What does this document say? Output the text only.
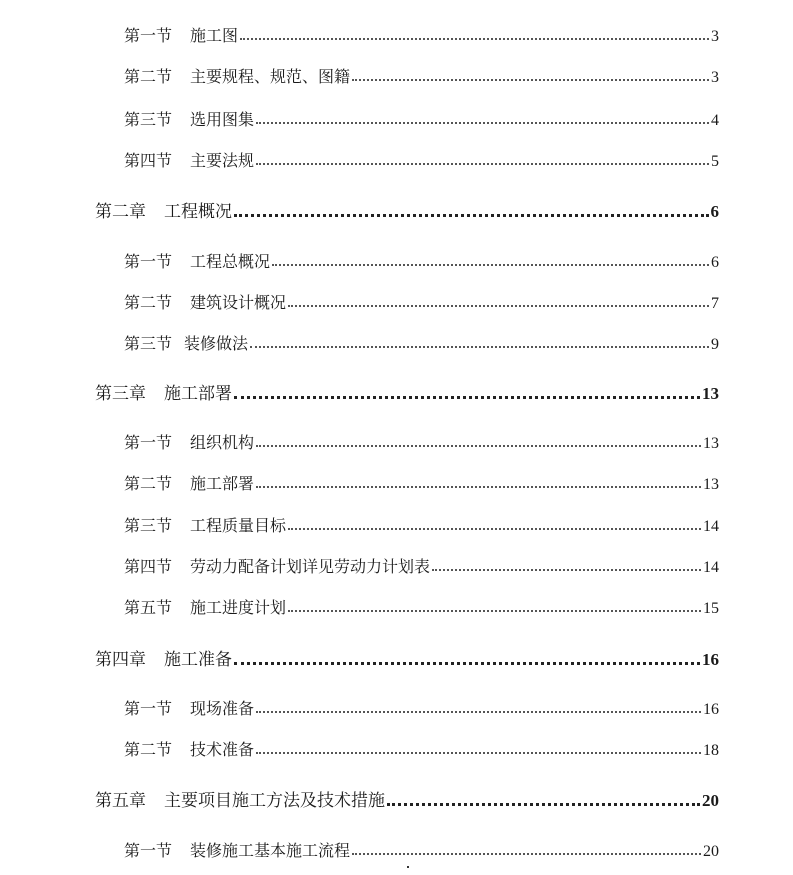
第一节 施工图	3
第二节 主要规程、规范、图籍	3
第三节 选用图集	4
第四节 主要法规	5
第二章 工程概况	6
第一节 工程总概况	6
第二节 建筑设计概况	7
第三节 装修做法	9
第三章 施工部署	13
第一节 组织机构	13
第二节 施工部署	13
第三节 工程质量目标	14
第四节 劳动力配备计划详见劳动力计划表	14
第五节 施工进度计划	15
第四章 施工准备	16
第一节 现场准备	16
第二节 技术准备	18
第五章 主要项目施工方法及技术措施	20
第一节 装修施工基本施工流程	20
